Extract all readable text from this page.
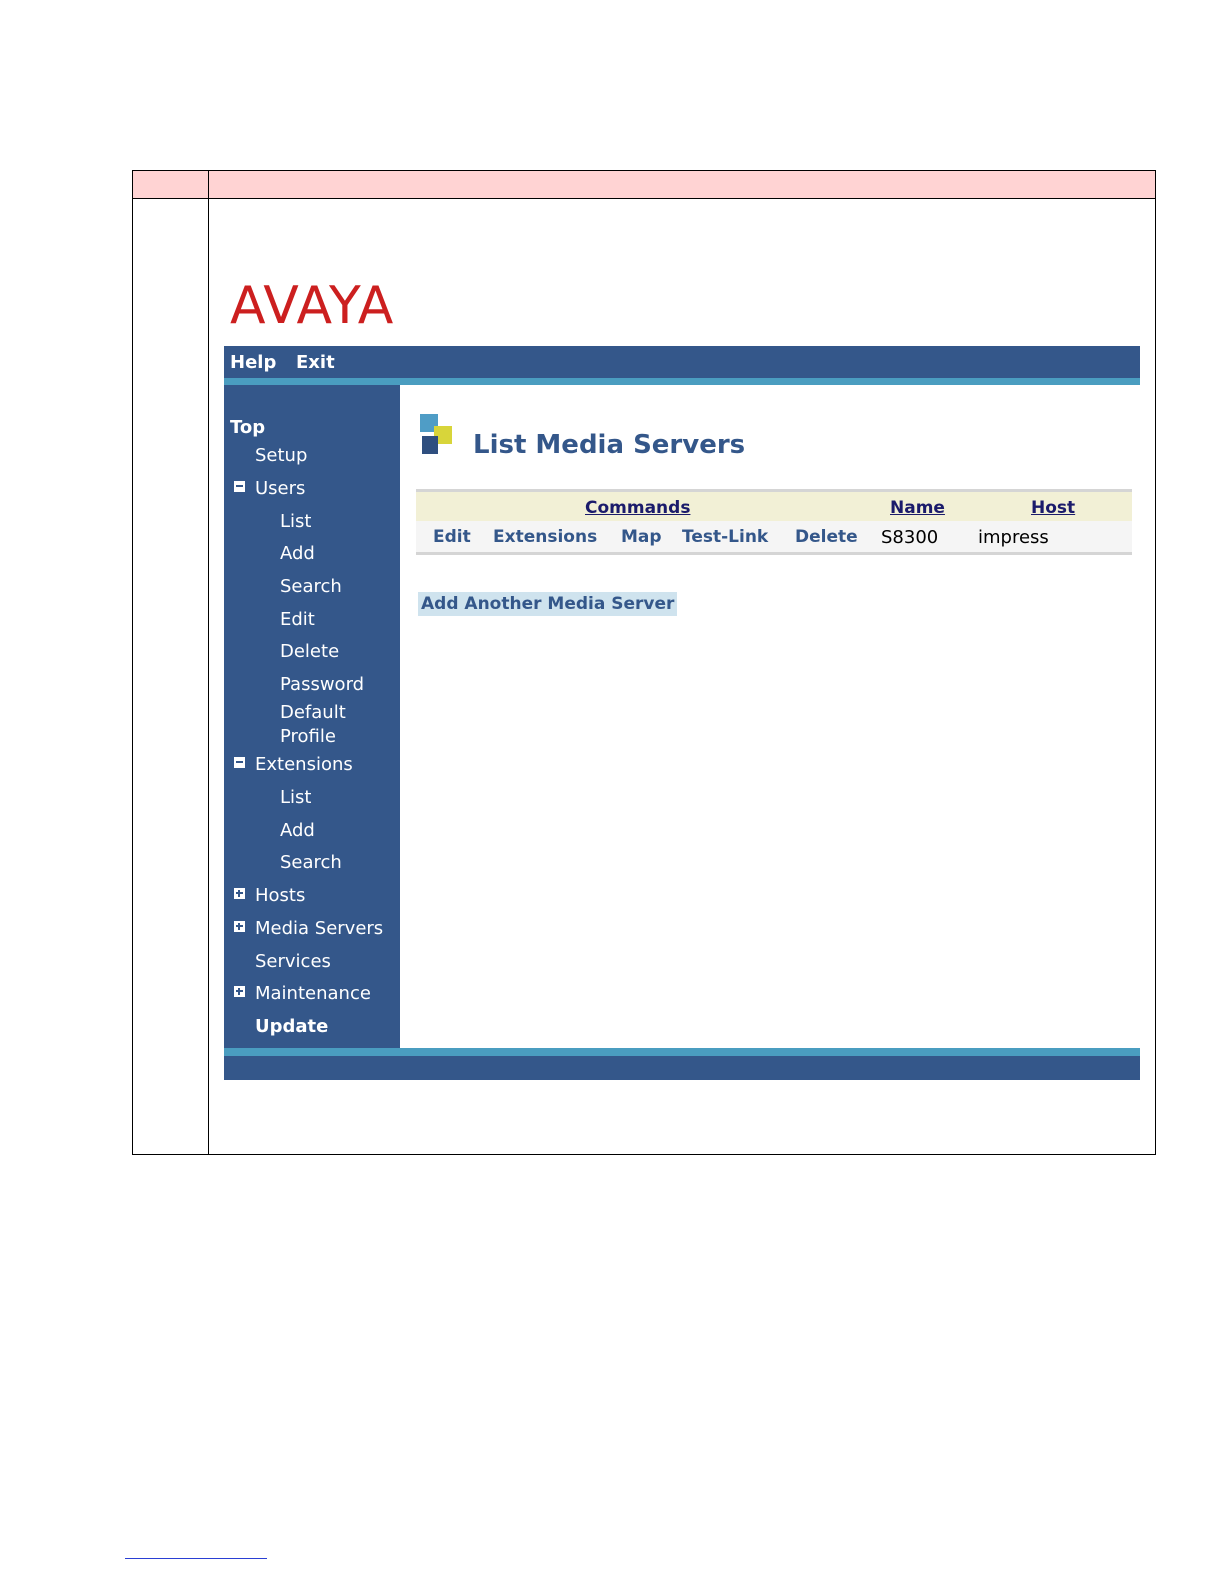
AVAYA
Help Exit
Top
Setup
Users
List
Add
Search
Edit
Delete
Password
Default
Profile
Extensions
List
Add
Search
Hosts
Media Servers
Services
Maintenance
Update
List Media Servers
Commands	Name	Host
Edit Extensions Map Test-Link Delete S8300 impress
Add Another Media Server
